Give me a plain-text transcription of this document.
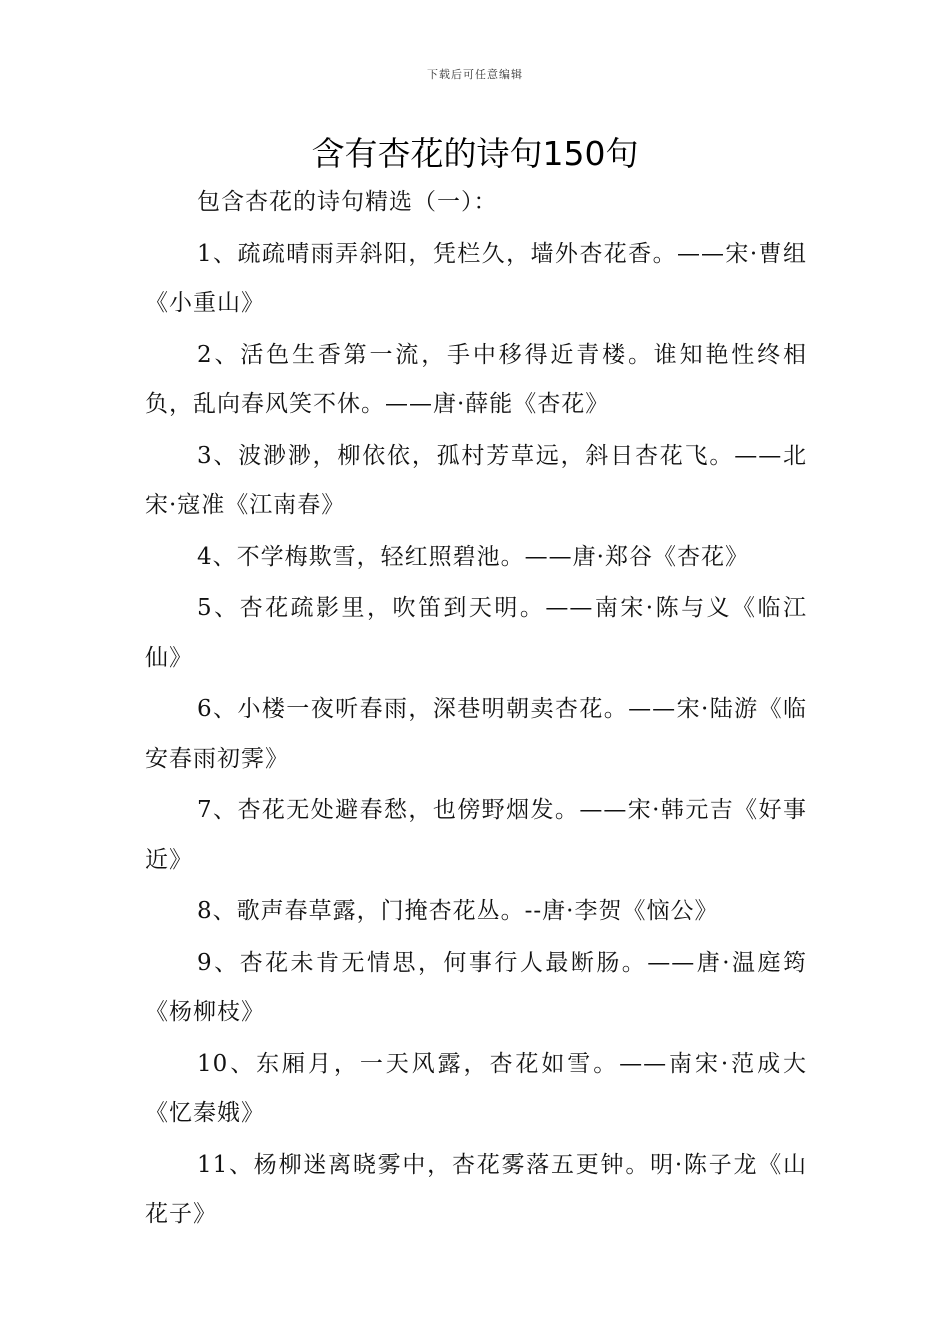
下载后可任意编辑
含有杏花的诗句150句

包含杏花的诗句精选（一）：

1、疏疏晴雨弄斜阳，凭栏久，墙外杏花香。——宋·曹组《小重山》

2、活色生香第一流，手中移得近青楼。谁知艳性终相负，乱向春风笑不休。——唐·薛能《杏花》

3、波渺渺，柳依依，孤村芳草远，斜日杏花飞。——北宋·寇准《江南春》

4、不学梅欺雪，轻红照碧池。——唐·郑谷《杏花》

5、杏花疏影里，吹笛到天明。——南宋·陈与义《临江仙》

6、小楼一夜听春雨，深巷明朝卖杏花。——宋·陆游《临安春雨初霁》

7、杏花无处避春愁，也傍野烟发。——宋·韩元吉《好事近》

8、歌声春草露，门掩杏花丛。--唐·李贺《恼公》

9、杏花未肯无情思，何事行人最断肠。——唐·温庭筠《杨柳枝》

10、东厢月，一天风露，杏花如雪。——南宋·范成大《忆秦娥》

11、杨柳迷离晓雾中，杏花雾落五更钟。明·陈子龙《山花子》
